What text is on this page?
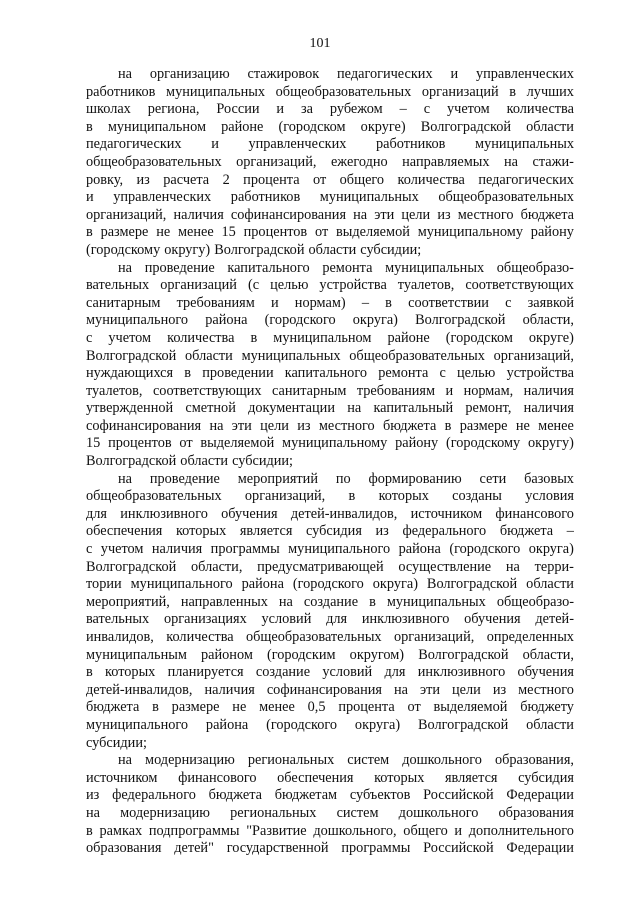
101
на организацию стажировок педагогических и управленческих
работников муниципальных общеобразовательных организаций в лучших
школах региона, России и за рубежом – с учетом количества
в муниципальном районе (городском округе) Волгоградской области
педагогических и управленческих работников муниципальных
общеобразовательных организаций, ежегодно направляемых на стажи-
ровку, из расчета 2 процента от общего количества педагогических
и управленческих работников муниципальных общеобразовательных
организаций, наличия софинансирования на эти цели из местного бюджета
в размере не менее 15 процентов от выделяемой муниципальному району
(городскому округу) Волгоградской области субсидии;
на проведение капитального ремонта муниципальных общеобразо-
вательных организаций (с целью устройства туалетов, соответствующих
санитарным требованиям и нормам) – в соответствии с заявкой
муниципального района (городского округа) Волгоградской области,
с учетом количества в муниципальном районе (городском округе)
Волгоградской области муниципальных общеобразовательных организаций,
нуждающихся в проведении капитального ремонта с целью устройства
туалетов, соответствующих санитарным требованиям и нормам, наличия
утвержденной сметной документации на капитальный ремонт, наличия
софинансирования на эти цели из местного бюджета в размере не менее
15 процентов от выделяемой муниципальному району (городскому округу)
Волгоградской области субсидии;
на проведение мероприятий по формированию сети базовых
общеобразовательных организаций, в которых созданы условия
для инклюзивного обучения детей-инвалидов, источником финансового
обеспечения которых является субсидия из федерального бюджета –
с учетом наличия программы муниципального района (городского округа)
Волгоградской области, предусматривающей осуществление на терри-
тории муниципального района (городского округа) Волгоградской области
мероприятий, направленных на создание в муниципальных общеобразо-
вательных организациях условий для инклюзивного обучения детей-
инвалидов, количества общеобразовательных организаций, определенных
муниципальным районом (городским округом) Волгоградской области,
в которых планируется создание условий для инклюзивного обучения
детей-инвалидов, наличия софинансирования на эти цели из местного
бюджета в размере не менее 0,5 процента от выделяемой бюджету
муниципального района (городского округа) Волгоградской области
субсидии;
на модернизацию региональных систем дошкольного образования,
источником финансового обеспечения которых является субсидия
из федерального бюджета бюджетам субъектов Российской Федерации
на модернизацию региональных систем дошкольного образования
в рамках подпрограммы "Развитие дошкольного, общего и дополнительного
образования детей" государственной программы Российской Федерации
